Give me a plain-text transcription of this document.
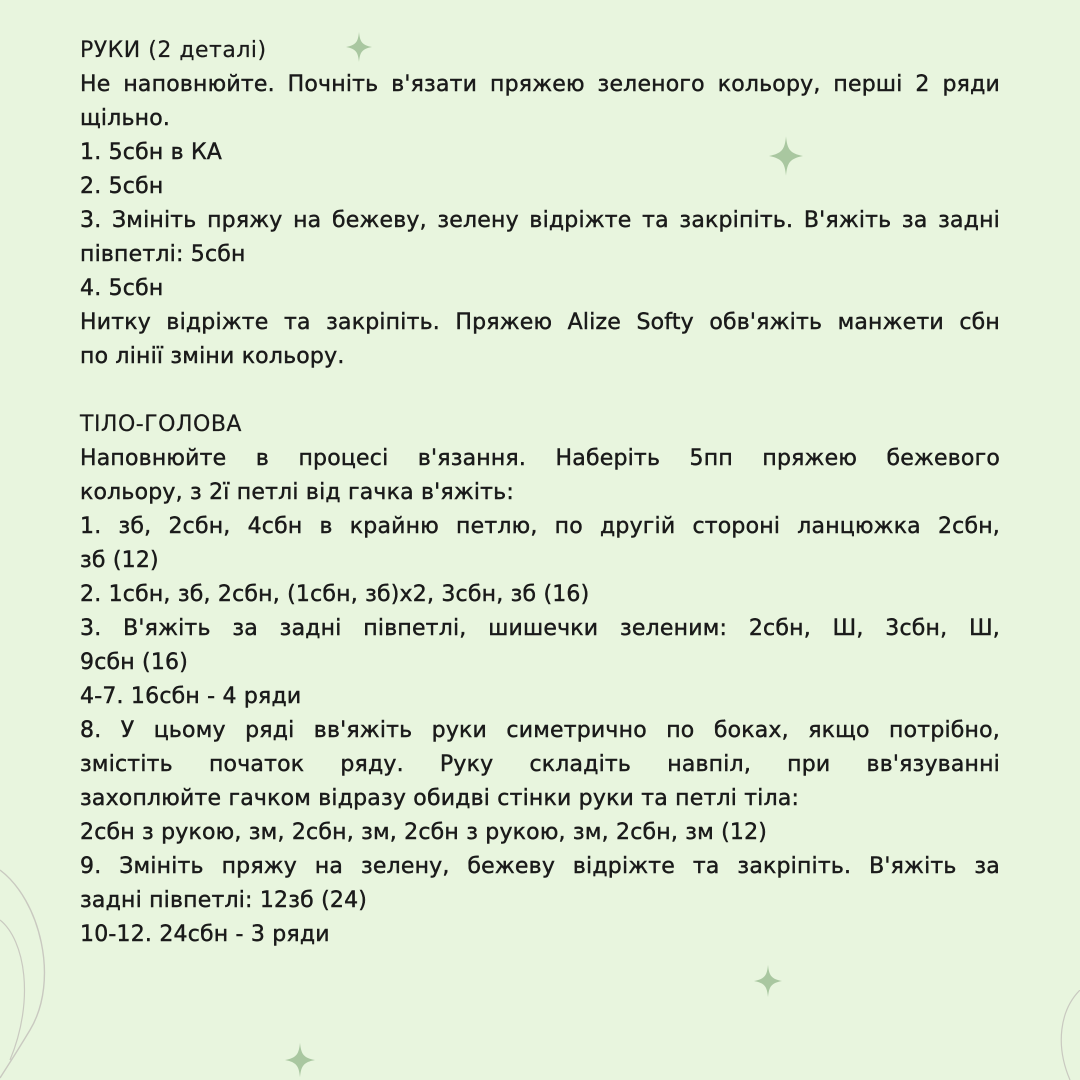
РУКИ (2 деталі)
Не наповнюйте. Почніть в'язати пряжею зеленого кольору, перші 2 ряди
щільно.
1. 5сбн в КА
2. 5сбн
3. Змініть пряжу на бежеву, зелену відріжте та закріпіть. В'яжіть за задні
півпетлі: 5сбн
4. 5сбн
Нитку відріжте та закріпіть. Пряжею Alize Softy обв'яжіть манжети сбн
по лінії зміни кольору.
ТІЛО-ГОЛОВА
Наповнюйте в процесі в'язання. Наберіть 5пп пряжею бежевого
кольору, з 2ї петлі від гачка в'яжіть:
1. зб, 2сбн, 4сбн в крайню петлю, по другій стороні ланцюжка 2сбн,
зб (12)
2. 1сбн, зб, 2сбн, (1сбн, зб)х2, 3сбн, зб (16)
3. В'яжіть за задні півпетлі, шишечки зеленим: 2сбн, Ш, 3сбн, Ш,
9сбн (16)
4-7. 16сбн - 4 ряди
8. У цьому ряді вв'яжіть руки симетрично по боках, якщо потрібно,
змістіть початок ряду. Руку складіть навпіл, при вв'язуванні
захоплюйте гачком відразу обидві стінки руки та петлі тіла:
2сбн з рукою, зм, 2сбн, зм, 2сбн з рукою, зм, 2сбн, зм (12)
9. Змініть пряжу на зелену, бежеву відріжте та закріпіть. В'яжіть за
задні півпетлі: 12зб (24)
10-12. 24сбн - 3 ряди
